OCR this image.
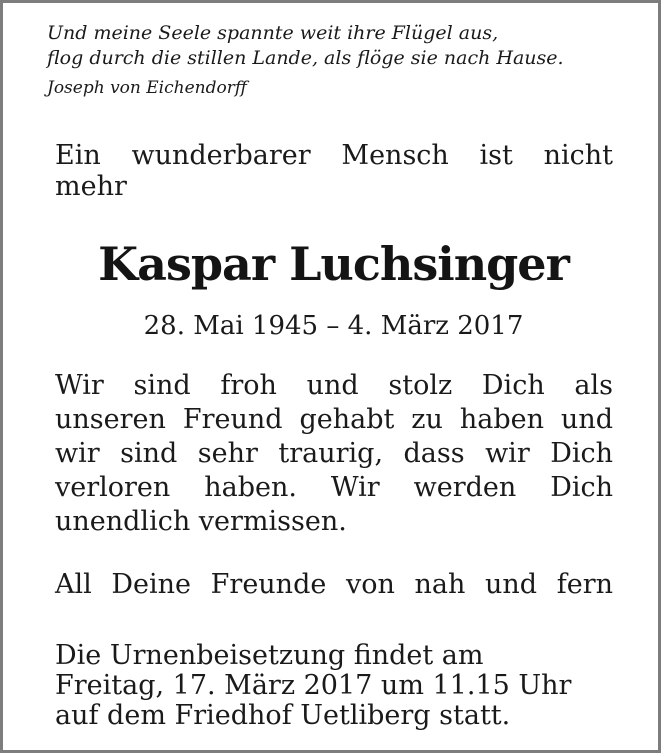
Und meine Seele spannte weit ihre Flügel aus,
flog durch die stillen Lande, als flöge sie nach Hause.
Joseph von Eichendorff
Ein wunderbarer Mensch ist nicht
mehr
Kaspar Luchsinger
28. Mai 1945 – 4. März 2017
Wir sind froh und stolz Dich als
unseren Freund gehabt zu haben und
wir sind sehr traurig, dass wir Dich
verloren haben. Wir werden Dich
unendlich vermissen.
All Deine Freunde von nah und fern
Die Urnenbeisetzung findet am
Freitag, 17. März 2017 um 11.15 Uhr
auf dem Friedhof Uetliberg statt.
